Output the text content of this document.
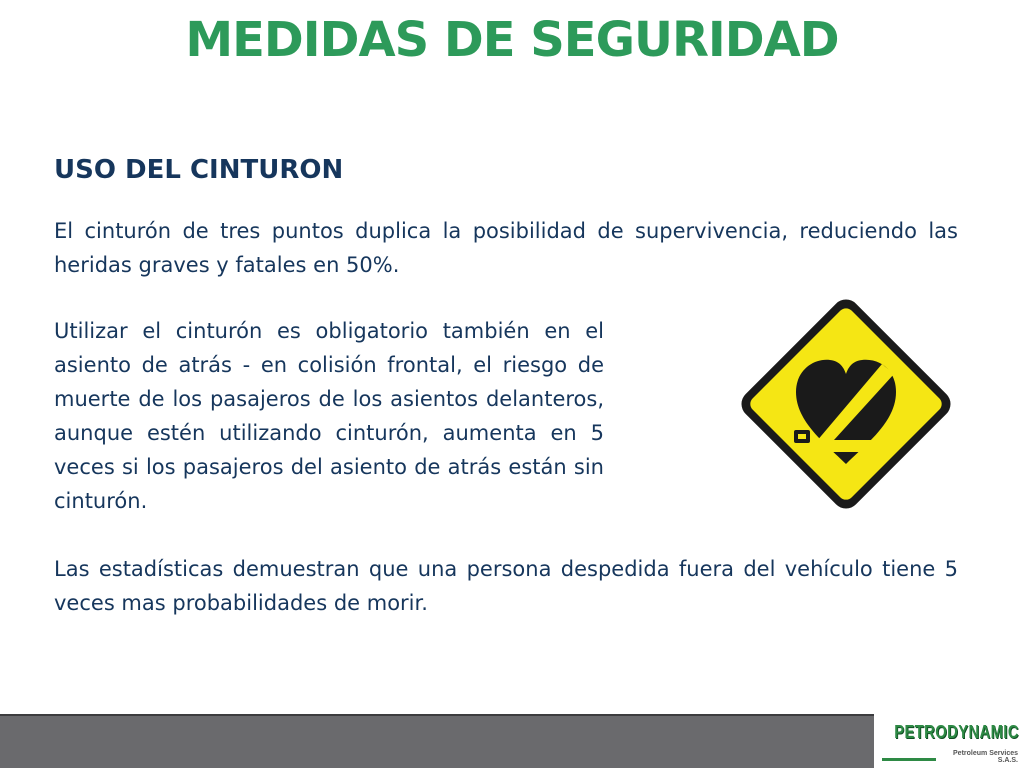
MEDIDAS DE SEGURIDAD
USO DEL CINTURON

El cinturón de tres puntos duplica la posibilidad de supervivencia, reduciendo las heridas graves y fatales en 50%.

Utilizar el cinturón es obligatorio también en el asiento de atrás - en colisión frontal, el riesgo de muerte de los pasajeros de los asientos delanteros, aunque estén utilizando cinturón, aumenta en 5 veces si los pasajeros del asiento de atrás están sin cinturón.

Las estadísticas demuestran que una persona despedida fuera del vehículo tiene 5 veces mas probabilidades de morir.

PETRODYNAMIC
Petroleum Services S.A.S.
